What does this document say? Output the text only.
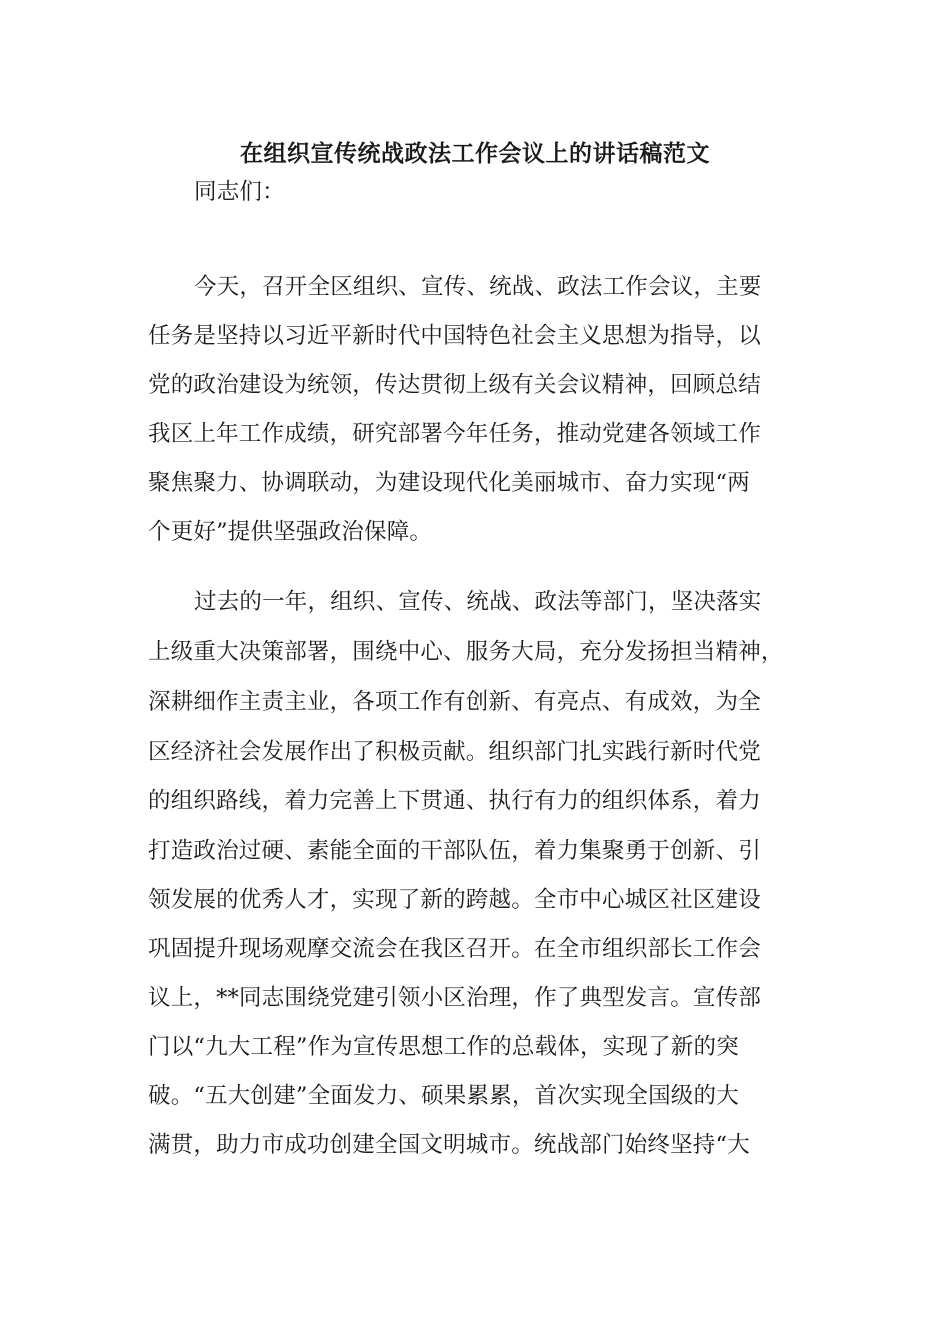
在组织宣传统战政法工作会议上的讲话稿范文
同志们：
今天，召开全区组织、宣传、统战、政法工作会议，主要
任务是坚持以习近平新时代中国特色社会主义思想为指导，以
党的政治建设为统领，传达贯彻上级有关会议精神，回顾总结
我区上年工作成绩，研究部署今年任务，推动党建各领域工作
聚焦聚力、协调联动，为建设现代化美丽城市、奋力实现“两
个更好”提供坚强政治保障。
过去的一年，组织、宣传、统战、政法等部门，坚决落实
上级重大决策部署，围绕中心、服务大局，充分发扬担当精神，
深耕细作主责主业，各项工作有创新、有亮点、有成效，为全
区经济社会发展作出了积极贡献。组织部门扎实践行新时代党
的组织路线，着力完善上下贯通、执行有力的组织体系，着力
打造政治过硬、素能全面的干部队伍，着力集聚勇于创新、引
领发展的优秀人才，实现了新的跨越。全市中心城区社区建设
巩固提升现场观摩交流会在我区召开。在全市组织部长工作会
议上，**同志围绕党建引领小区治理，作了典型发言。宣传部
门以“九大工程”作为宣传思想工作的总载体，实现了新的突
破。“五大创建”全面发力、硕果累累，首次实现全国级的大
满贯，助力市成功创建全国文明城市。统战部门始终坚持“大
